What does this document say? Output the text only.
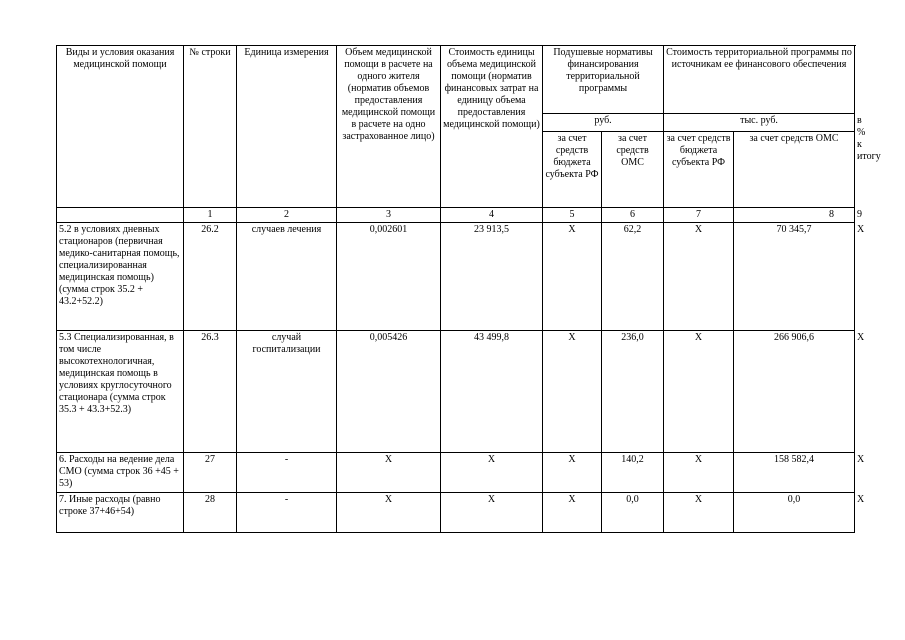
Виды и условия оказания медицинской помощи	№ строки	Единица измерения	Объем медицинской помощи в расчете на одного жителя (норматив объемов предоставления медицинской помощи в расчете на одно застрахованное лицо)	Стоимость единицы объема медицинской помощи (норматив финансовых затрат на единицу объема предоставления медицинской помощи)	Подушевые нормативы финансирования территориальной программы		Стоимость территориальной программы по источникам ее финансового обеспечения		
					руб.		тыс. руб.		в % к итогу
					за счет средств бюджета субъекта РФ	за счет средств ОМС	за счет средств бюджета субъекта РФ	за счет средств ОМС	
	1	2	3	4	5	6	7	8	9
5.2 в условиях дневных стационаров (первичная медико-санитарная помощь, специализированная медицинская помощь) (сумма строк 35.2 + 43.2+52.2)	26.2	случаев лечения	0,002601	23 913,5	Х	62,2	Х	70 345,7	Х
5.3 Специализированная, в том числе высокотехнологичная, медицинская помощь в условиях круглосуточного стационара (сумма строк 35.3 + 43.3+52.3)	26.3	случай госпитализации	0,005426	43 499,8	Х	236,0	Х	266 906,6	Х
6. Расходы на ведение дела СМО (сумма строк 36 +45 + 53)	27	-	Х	Х	Х	140,2	Х	158 582,4	Х
7. Иные расходы (равно строке 37+46+54)	28	-	Х	Х	Х	0,0	Х	0,0	Х
